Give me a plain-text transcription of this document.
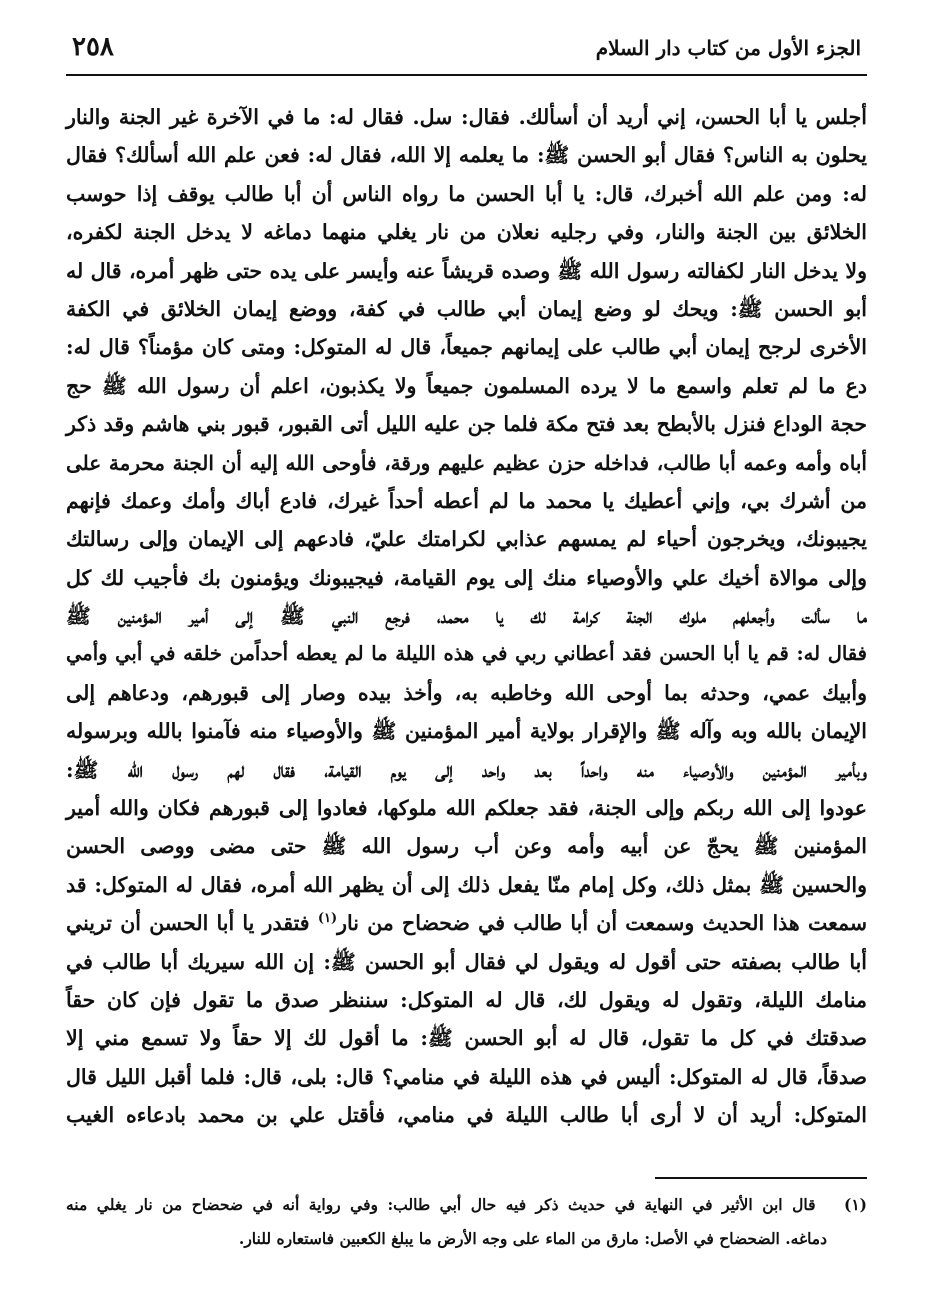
الجزء الأول من كتاب دار السلام
٢٥٨
أجلس يا أبا الحسن، إني أريد أن أسألك. فقال: سل. فقال له: ما في الآخرة غير الجنة والنار
يحلون به الناس؟ فقال أبو الحسن ﷺ: ما يعلمه إلا الله، فقال له: فعن علم الله أسألك؟ فقال
له: ومن علم الله أخبرك، قال: يا أبا الحسن ما رواه الناس أن أبا طالب يوقف إذا حوسب
الخلائق بين الجنة والنار، وفي رجليه نعلان من نار يغلي منهما دماغه لا يدخل الجنة لكفره،
ولا يدخل النار لكفالته رسول الله ﷺ وصده قريشاً عنه وأيسر على يده حتى ظهر أمره، قال له
أبو الحسن ﷺ: ويحك لو وضع إيمان أبي طالب في كفة، ووضع إيمان الخلائق في الكفة
الأخرى لرجح إيمان أبي طالب على إيمانهم جميعاً، قال له المتوكل: ومتى كان مؤمناً؟ قال له:
دع ما لم تعلم واسمع ما لا يرده المسلمون جميعاً ولا يكذبون، اعلم أن رسول الله ﷺ حج
حجة الوداع فنزل بالأبطح بعد فتح مكة فلما جن عليه الليل أتى القبور، قبور بني هاشم وقد ذكر
أباه وأمه وعمه أبا طالب، فداخله حزن عظيم عليهم ورقة، فأوحى الله إليه أن الجنة محرمة على
من أشرك بي، وإني أعطيك يا محمد ما لم أعطه أحداً غيرك، فادع أباك وأمك وعمك فإنهم
يجيبونك، ويخرجون أحياء لم يمسهم عذابي لكرامتك عليّ، فادعهم إلى الإيمان وإلى رسالتك
وإلى موالاة أخيك علي والأوصياء منك إلى يوم القيامة، فيجيبونك ويؤمنون بك فأجيب لك كل
ما سألت وأجعلهم ملوك الجنة كرامة لك يا محمد، فرجع النبي ﷺ إلى أمير المؤمنين ﷺ
فقال له: قم يا أبا الحسن فقد أعطاني ربي في هذه الليلة ما لم يعطه أحداًمن خلقه في أبي وأمي
وأبيك عمي، وحدثه بما أوحى الله وخاطبه به، وأخذ بيده وصار إلى قبورهم، ودعاهم إلى
الإيمان بالله وبه وآله ﷺ والإقرار بولاية أمير المؤمنين ﷺ والأوصياء منه فآمنوا بالله وبرسوله
وبأمير المؤمنين والأوصياء منه واحداً بعد واحد إلى يوم القيامة، فقال لهم رسول الله ﷺ:
عودوا إلى الله ربكم وإلى الجنة، فقد جعلكم الله ملوكها، فعادوا إلى قبورهم فكان والله أمير
المؤمنين ﷺ يحجّ عن أبيه وأمه وعن أب رسول الله ﷺ حتى مضى ووصى الحسن
والحسين ﷺ بمثل ذلك، وكل إمام منّا يفعل ذلك إلى أن يظهر الله أمره، فقال له المتوكل: قد
سمعت هذا الحديث وسمعت أن أبا طالب في ضحضاح من نار$^{(١)}$ فتقدر يا أبا الحسن أن تريني
أبا طالب بصفته حتى أقول له ويقول لي فقال أبو الحسن ﷺ: إن الله سيريك أبا طالب في
منامك الليلة، وتقول له ويقول لك، قال له المتوكل: سننظر صدق ما تقول فإن كان حقاً
صدقتك في كل ما تقول، قال له أبو الحسن ﷺ: ما أقول لك إلا حقاً ولا تسمع مني إلا
صدقاً، قال له المتوكل: أليس في هذه الليلة في منامي؟ قال: بلى، قال: فلما أقبل الليل قال
المتوكل: أريد أن لا أرى أبا طالب الليلة في منامي، فأقتل علي بن محمد بادعاءه الغيب
(١)   قال ابن الأثير في النهاية في حديث ذكر فيه حال أبي طالب: وفي رواية أنه في ضحضاح من نار يغلي منه
دماغه. الضحضاح في الأصل: مارق من الماء على وجه الأرض ما يبلغ الكعبين فاستعاره للنار.
